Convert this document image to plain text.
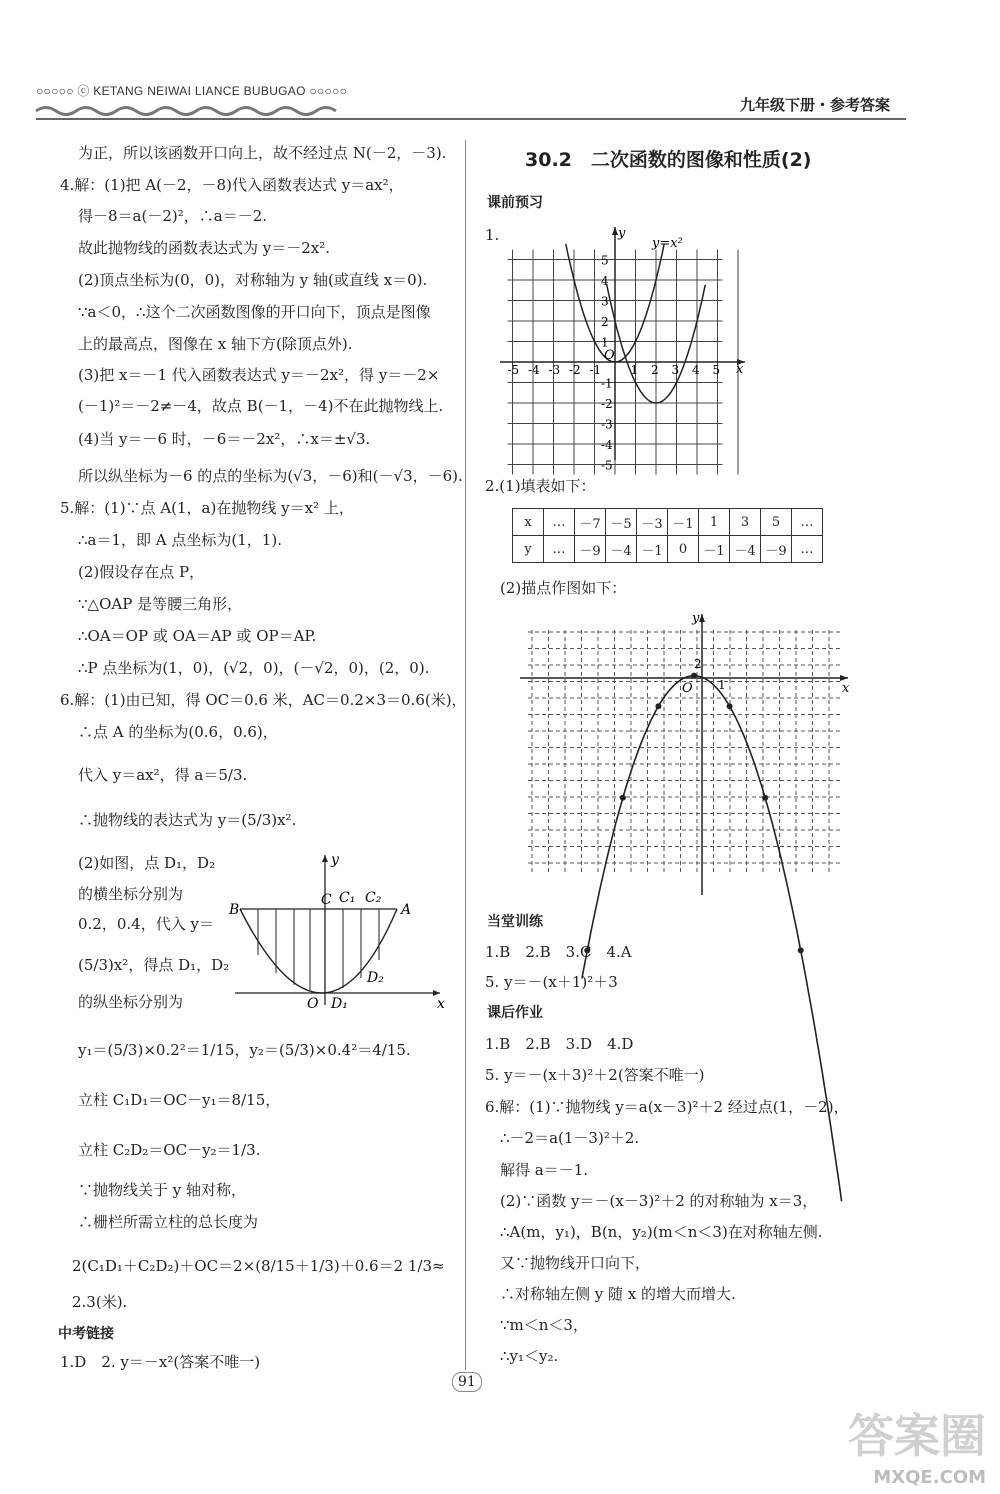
○○○○○ ⓒ KETANG NEIWAI LIANCE BUBUGAO ○○○○○
九年级下册・参考答案
为正，所以该函数开口向上，故不经过点 N(－2，－3).
4.解：(1)把 A(－2，－8)代入函数表达式 y＝ax²，
得－8＝a(－2)²，∴a＝－2.
故此抛物线的函数表达式为 y＝－2x².
(2)顶点坐标为(0，0)，对称轴为 y 轴(或直线 x＝0).
∵a＜0，∴这个二次函数图像的开口向下，顶点是图像
上的最高点，图像在 x 轴下方(除顶点外).
(3)把 x＝－1 代入函数表达式 y＝－2x²，得 y＝－2×
(－1)²＝－2≠－4，故点 B(－1，－4)不在此抛物线上.
(4)当 y＝－6 时，－6＝－2x²，∴x＝±√3.
所以纵坐标为－6 的点的坐标为(√3，－6)和(－√3，－6).
5.解：(1)∵点 A(1，a)在抛物线 y＝x² 上，
∴a＝1，即 A 点坐标为(1，1).
(2)假设存在点 P，
∵△OAP 是等腰三角形，
∴OA＝OP 或 OA＝AP 或 OP＝AP.
∴P 点坐标为(1，0)，(√2，0)，(－√2，0)，(2，0).
6.解：(1)由已知，得 OC＝0.6 米，AC＝0.2×3＝0.6(米)，
∴点 A 的坐标为(0.6，0.6)，
代入 y＝ax²，得 a＝5/3.
∴抛物线的表达式为 y＝(5/3)x².
(2)如图，点 D₁，D₂
的横坐标分别为
0.2，0.4，代入 y＝
(5/3)x²，得点 D₁，D₂
的纵坐标分别为
y₁＝(5/3)×0.2²＝1/15，y₂＝(5/3)×0.4²＝4/15.
立柱 C₁D₁＝OC－y₁＝8/15，
立柱 C₂D₂＝OC－y₂＝1/3.
∵抛物线关于 y 轴对称，
∴栅栏所需立柱的总长度为
2(C₁D₁＋C₂D₂)＋OC＝2×(8/15＋1/3)＋0.6＝2 1/3≈
2.3(米).
中考链接
1.D　2. y＝－x²(答案不唯一)
y
x
O
B	A
C C₁ C₂
D₁
D₂
30.2　二次函数的图像和性质(2)
课前预习
1.	y
x
y=x²
O
-5 -4 -3 -2 -1 1 2 3 4 5
5
4
3
2
1
-1
-2
-3
-4
-5
2.(1)填表如下：
x	…	－7	－5	－3	－1	1	3	5	…
y	…	－9	－4	－1	0	－1	－4	－9	…
(2)描点作图如下：
y
x
O
2
1
当堂训练
1.B　2.B　3.C　4.A
5. y＝－(x＋1)²＋3
课后作业
1.B　2.B　3.D　4.D
5. y＝－(x＋3)²＋2(答案不唯一)
6.解：(1)∵抛物线 y＝a(x－3)²＋2 经过点(1，－2)，
∴－2＝a(1－3)²＋2.
解得 a＝－1.
(2)∵函数 y＝－(x－3)²＋2 的对称轴为 x＝3，
∴A(m，y₁)，B(n，y₂)(m＜n＜3)在对称轴左侧.
又∵抛物线开口向下，
∴对称轴左侧 y 随 x 的增大而增大.
∵m＜n＜3，
∴y₁＜y₂.
91
答案圈
MXQE.COM
